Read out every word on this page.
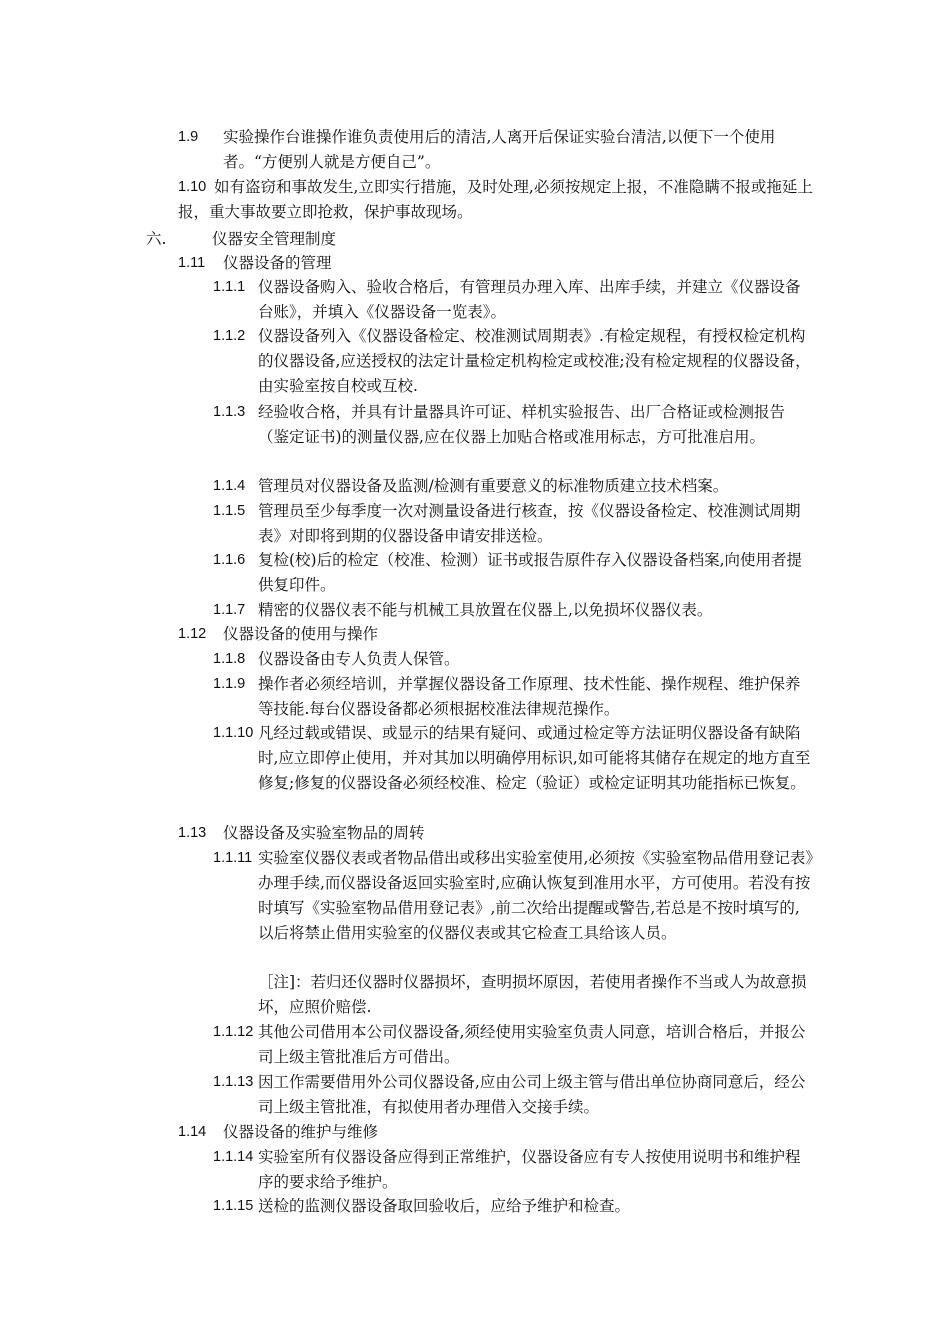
1.9 实验操作台谁操作谁负责使用后的清洁,人离开后保证实验台清洁,以便下一个使用者。“方便别人就是方便自己”。
1.10 如有盗窃和事故发生,立即实行措施，及时处理,必须按规定上报，不准隐瞒不报或拖延上报，重大事故要立即抢救，保护事故现场。
六.	仪器安全管理制度
1.11 仪器设备的管理
1.1.1 仪器设备购入、验收合格后，有管理员办理入库、出库手续，并建立《仪器设备台账》，并填入《仪器设备一览表》。
1.1.2 仪器设备列入《仪器设备检定、校准测试周期表》.有检定规程，有授权检定机构的仪器设备,应送授权的法定计量检定机构检定或校准;没有检定规程的仪器设备，由实验室按自校或互校.
1.1.3 经验收合格，并具有计量器具许可证、样机实验报告、出厂合格证或检测报告（鉴定证书)的测量仪器,应在仪器上加贴合格或准用标志，方可批准启用。
1.1.4 管理员对仪器设备及监测/检测有重要意义的标准物质建立技术档案。
1.1.5 管理员至少每季度一次对测量设备进行核查，按《仪器设备检定、校准测试周期表》对即将到期的仪器设备申请安排送检。
1.1.6 复检(校)后的检定（校准、检测）证书或报告原件存入仪器设备档案,向使用者提供复印件。
1.1.7 精密的仪器仪表不能与机械工具放置在仪器上,以免损坏仪器仪表。
1.12 仪器设备的使用与操作
1.1.8 仪器设备由专人负责人保管。
1.1.9 操作者必须经培训，并掌握仪器设备工作原理、技术性能、操作规程、维护保养等技能.每台仪器设备都必须根据校准法律规范操作。
1.1.10 凡经过载或错误、或显示的结果有疑问、或通过检定等方法证明仪器设备有缺陷时,应立即停止使用，并对其加以明确停用标识,如可能将其储存在规定的地方直至修复;修复的仪器设备必须经校准、检定（验证）或检定证明其功能指标已恢复。
1.13 仪器设备及实验室物品的周转
1.1.11 实验室仪器仪表或者物品借出或移出实验室使用,必须按《实验室物品借用登记表》办理手续,而仪器设备返回实验室时,应确认恢复到准用水平，方可使用。若没有按时填写《实验室物品借用登记表》,前二次给出提醒或警告,若总是不按时填写的,以后将禁止借用实验室的仪器仪表或其它检查工具给该人员。
［注]：若归还仪器时仪器损坏，查明损坏原因，若使用者操作不当或人为故意损坏，应照价赔偿.
1.1.12 其他公司借用本公司仪器设备,须经使用实验室负责人同意，培训合格后，并报公司上级主管批准后方可借出。
1.1.13 因工作需要借用外公司仪器设备,应由公司上级主管与借出单位协商同意后，经公司上级主管批准，有拟使用者办理借入交接手续。
1.14 仪器设备的维护与维修
1.1.14 实验室所有仪器设备应得到正常维护，仪器设备应有专人按使用说明书和维护程序的要求给予维护。
1.1.15 送检的监测仪器设备取回验收后，应给予维护和检查。
